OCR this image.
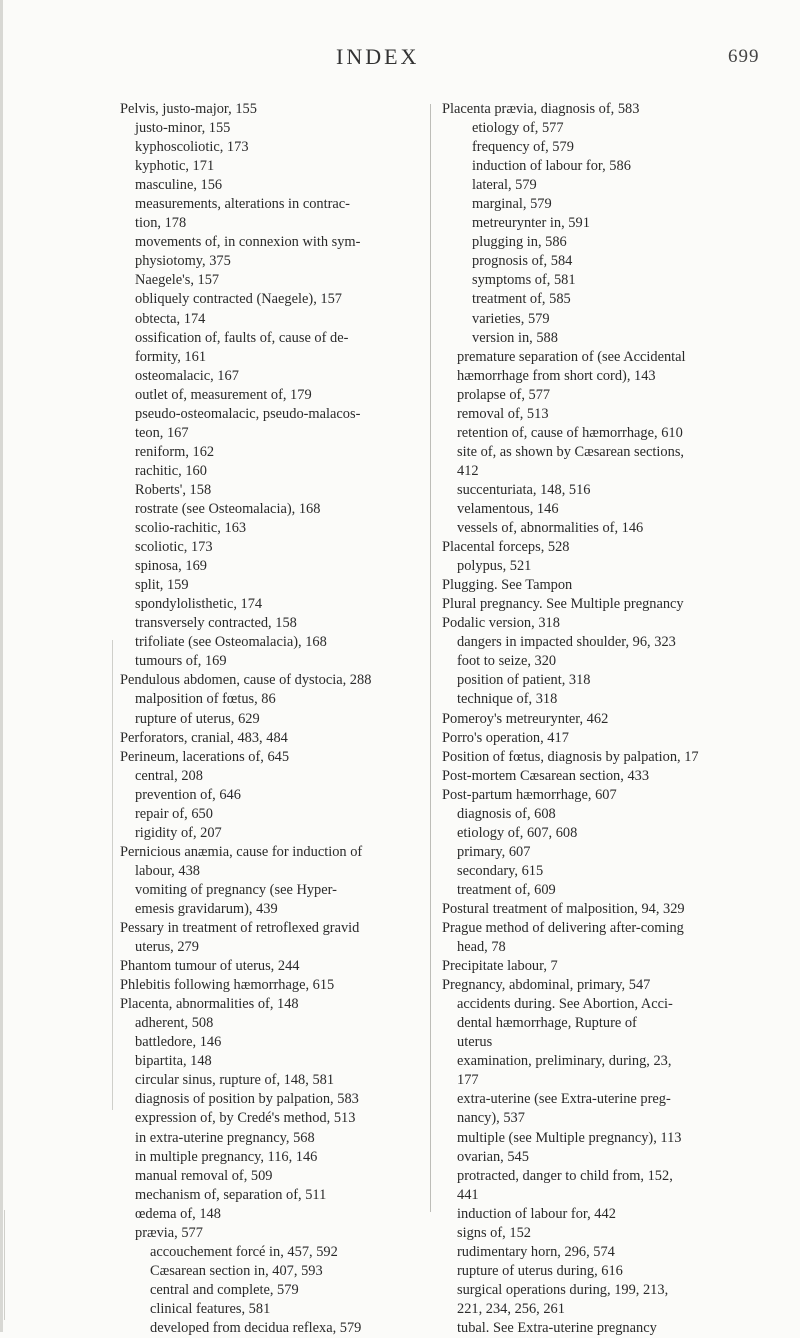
INDEX	699
Pelvis, justo-major, 155
justo-minor, 155
kyphoscoliotic, 173
kyphotic, 171
masculine, 156
measurements, alterations in contrac-
tion, 178
movements of, in connexion with sym-
physiotomy, 375
Naegele's, 157
obliquely contracted (Naegele), 157
obtecta, 174
ossification of, faults of, cause of de-
formity, 161
osteomalacic, 167
outlet of, measurement of, 179
pseudo-osteomalacic, pseudo-malacos-
teon, 167
reniform, 162
rachitic, 160
Roberts', 158
rostrate (see Osteomalacia), 168
scolio-rachitic, 163
scoliotic, 173
spinosa, 169
split, 159
spondylolisthetic, 174
transversely contracted, 158
trifoliate (see Osteomalacia), 168
tumours of, 169
Pendulous abdomen, cause of dystocia, 288
malposition of fœtus, 86
rupture of uterus, 629
Perforators, cranial, 483, 484
Perineum, lacerations of, 645
central, 208
prevention of, 646
repair of, 650
rigidity of, 207
Pernicious anæmia, cause for induction of
labour, 438
vomiting of pregnancy (see Hyper-
emesis gravidarum), 439
Pessary in treatment of retroflexed gravid
uterus, 279
Phantom tumour of uterus, 244
Phlebitis following hæmorrhage, 615
Placenta, abnormalities of, 148
adherent, 508
battledore, 146
bipartita, 148
circular sinus, rupture of, 148, 581
diagnosis of position by palpation, 583
expression of, by Credé's method, 513
in extra-uterine pregnancy, 568
in multiple pregnancy, 116, 146
manual removal of, 509
mechanism of, separation of, 511
œdema of, 148
prævia, 577
accouchement forcé in, 457, 592
Cæsarean section in, 407, 593
central and complete, 579
clinical features, 581
developed from decidua reflexa, 579
Placenta prævia, diagnosis of, 583
etiology of, 577
frequency of, 579
induction of labour for, 586
lateral, 579
marginal, 579
metreurynter in, 591
plugging in, 586
prognosis of, 584
symptoms of, 581
treatment of, 585
varieties, 579
version in, 588
premature separation of (see Accidental
hæmorrhage from short cord), 143
prolapse of, 577
removal of, 513
retention of, cause of hæmorrhage, 610
site of, as shown by Cæsarean sections,
412
succenturiata, 148, 516
velamentous, 146
vessels of, abnormalities of, 146
Placental forceps, 528
polypus, 521
Plugging. See Tampon
Plural pregnancy. See Multiple pregnancy
Podalic version, 318
dangers in impacted shoulder, 96, 323
foot to seize, 320
position of patient, 318
technique of, 318
Pomeroy's metreurynter, 462
Porro's operation, 417
Position of fœtus, diagnosis by palpation, 17
Post-mortem Cæsarean section, 433
Post-partum hæmorrhage, 607
diagnosis of, 608
etiology of, 607, 608
primary, 607
secondary, 615
treatment of, 609
Postural treatment of malposition, 94, 329
Prague method of delivering after-coming
head, 78
Precipitate labour, 7
Pregnancy, abdominal, primary, 547
accidents during. See Abortion, Acci-
dental hæmorrhage, Rupture of
uterus
examination, preliminary, during, 23,
177
extra-uterine (see Extra-uterine preg-
nancy), 537
multiple (see Multiple pregnancy), 113
ovarian, 545
protracted, danger to child from, 152,
441
induction of labour for, 442
signs of, 152
rudimentary horn, 296, 574
rupture of uterus during, 616
surgical operations during, 199, 213,
221, 234, 256, 261
tubal. See Extra-uterine pregnancy
